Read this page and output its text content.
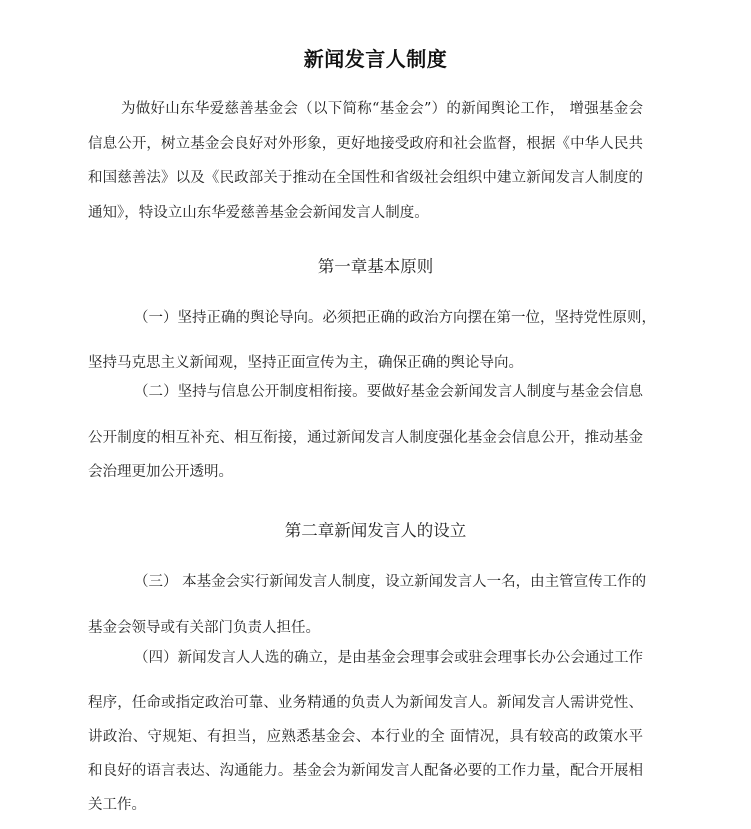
新闻发言人制度
为做好山东华爱慈善基金会（以下简称“基金会”）的新闻舆论工作， 增强基金会信息公开，树立基金会良好对外形象，更好地接受政府和社会监督，根据《中华人民共和国慈善法》以及《民政部关于推动在全国性和省级社会组织中建立新闻发言人制度的通知》，特设立山东华爱慈善基金会新闻发言人制度。
第一章基本原则
（一）坚持正确的舆论导向。必须把正确的政治方向摆在第一位，坚持党性原则，
坚持马克思主义新闻观，坚持正面宣传为主，确保正确的舆论导向。
（二）坚持与信息公开制度相衔接。要做好基金会新闻发言人制度与基金会信息
公开制度的相互补充、相互衔接，通过新闻发言人制度强化基金会信息公开，推动基金
会治理更加公开透明。
第二章新闻发言人的设立
（三） 本基金会实行新闻发言人制度，设立新闻发言人一名，由主管宣传工作的
基金会领导或有关部门负责人担任。
（四）新闻发言人人选的确立，是由基金会理事会或驻会理事长办公会通过工作
程序，任命或指定政治可靠、业务精通的负责人为新闻发言人。新闻发言人需讲党性、
讲政治、守规矩、有担当，应熟悉基金会、本行业的全 面情况，具有较高的政策水平
和良好的语言表达、沟通能力。基金会为新闻发言人配备必要的工作力量，配合开展相
关工作。
